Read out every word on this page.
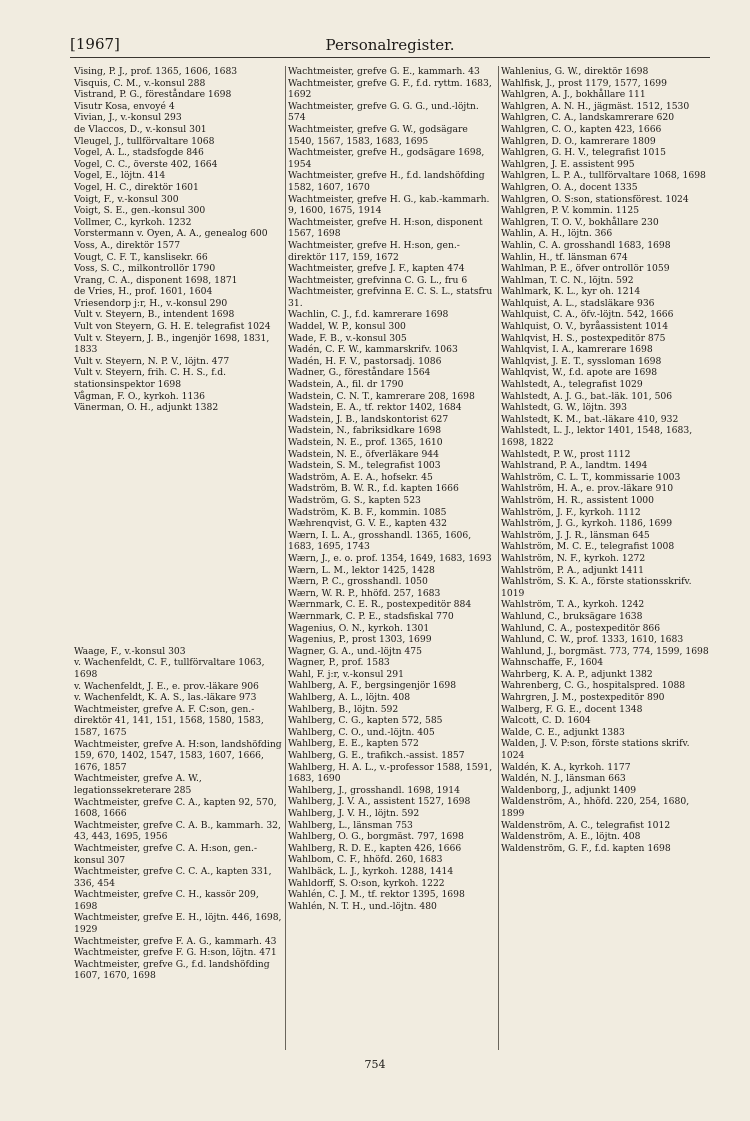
[1967]	Personalregister.

Vising, P. J., prof. 1365, 1606, 1683

Visquis, C. M., v.-konsul 288

Vistrand, P. G., föreståndare 1698

Visutr Kosa, envoyé 4

Vivian, J., v.-konsul 293

de Vlaccos, D., v.-konsul 301

Vleugel, J., tullförvaltare 1068

Vogel, A. L., stadsfogde 846

Vogel, C. C., överste 402, 1664

Vogel, E., löjtn. 414

Vogel, H. C., direktör 1601

Voigt, F., v.-konsul 300

Voigt, S. E., gen.-konsul 300

Vollmer, C., kyrkoh. 1232

Vorstermann v. Oyen, A. A., genealog 600

Voss, A., direktör 1577

Vougt, C. F. T., kanslisekr. 66

Voss, S. C., milkontrollör 1790

Vrang, C. A., disponent 1698, 1871

de Vries, H., prof. 1601, 1604

Vriesendorp j:r, H., v.-konsul 290

Vult v. Steyern, B., intendent 1698

Vult von Steyern, G. H. E. telegrafist 1024

Vult v. Steyern, J. B., ingenjör 1698, 1831, 1833

Vult v. Steyern, N. P. V., löjtn. 477

Vult v. Steyern, frih. C. H. S., f.d. stationsinspektor 1698

Vågman, F. O., kyrkoh. 1136

Vänerman, O. H., adjunkt 1382

Waage, F., v.-konsul 303

v. Wachenfeldt, C. F., tullförvaltare 1063, 1698

v. Wachenfeldt, J. E., e. prov.-läkare 906

v. Wachenfeldt, K. A. S., las.-läkare 973

Wachtmeister, grefve A. F. C:son, gen.-direktör 41, 141, 151, 1568, 1580, 1583, 1587, 1675

Wachtmeister, grefve A. H:son, landshöfding 159, 670, 1402, 1547, 1583, 1607, 1666, 1676, 1857

Wachtmeister, grefve A. W., legationssekreterare 285

Wachtmeister, grefve C. A., kapten 92, 570, 1608, 1666

Wachtmeister, grefve C. A. B., kammarh. 32, 43, 443, 1695, 1956

Wachtmeister, grefve C. A. H:son, gen.-konsul 307

Wachtmeister, grefve C. C. A., kapten 331, 336, 454

Wachtmeister, grefve C. H., kassör 209, 1698

Wachtmeister, grefve E. H., löjtn. 446, 1698, 1929

Wachtmeister, grefve F. A. G., kammarh. 43

Wachtmeister, grefve F. G. H:son, löjtn. 471

Wachtmeister, grefve G., f.d. landshöfding 1607, 1670, 1698

Wachtmeister, grefve G. E., kammarh. 43

Wachtmeister, grefve G. F., f.d. ryttm. 1683, 1692

Wachtmeister, grefve G. G. G., und.-löjtn. 574

Wachtmeister, grefve G. W., godsägare 1540, 1567, 1583, 1683, 1695

Wachtmeister, grefve H., godsägare 1698, 1954

Wachtmeister, grefve H., f.d. landshöfding 1582, 1607, 1670

Wachtmeister, grefve H. G., kab.-kammarh. 9, 1600, 1675, 1914

Wachtmeister, grefve H. H:son, disponent 1567, 1698

Wachtmeister, grefve H. H:son, gen.-direktör 117, 159, 1672

Wachtmeister, grefve J. F., kapten 474

Wachtmeister, grefvinna C. G. L., fru 6

Wachtmeister, grefvinna E. C. S. L., statsfru 31.

Wachlin, C. J., f.d. kamrerare 1698

Waddel, W. P., konsul 300

Wade, F. B., v.-konsul 305

Wadén, C. F. W., kammarskrifv. 1063

Wadén, H. F. V., pastorsadj. 1086

Wadner, G., föreståndare 1564

Wadstein, A., fil. dr 1790

Wadstein, C. N. T., kamrerare 208, 1698

Wadstein, E. A., tf. rektor 1402, 1684

Wadstein, J. B., landskontorist 627

Wadstein, N., fabriksidkare 1698

Wadstein, N. E., prof. 1365, 1610

Wadstein, N. E., öfverläkare 944

Wadstein, S. M., telegrafist 1003

Wadström, A. E. A., hofsekr. 45

Wadström, B. W. R., f.d. kapten 1666

Wadström, G. S., kapten 523

Wadström, K. B. F., kommin. 1085

Wæhrenqvist, G. V. E., kapten 432

Wærn, I. L. A., grosshandl. 1365, 1606, 1683, 1695, 1743

Wærn, J., e. o. prof. 1354, 1649, 1683, 1693

Wærn, L. M., lektor 1425, 1428

Wærn, P. C., grosshandl. 1050

Wærn, W. R. P., hhöfd. 257, 1683

Wærnmark, C. E. R., postexpeditör 884

Wærnmark, C. P. E., stadsfiskal 770

Wagenius, O. N., kyrkoh. 1301

Wagenius, P., prost 1303, 1699

Wagner, G. A., und.-löjtn 475

Wagner, P., prof. 1583

Wahl, F. j:r, v.-konsul 291

Wahlberg, A. F., bergsingenjör 1698

Wahlberg, A. L., löjtn. 408

Wahlberg, B., löjtn. 592

Wahlberg, C. G., kapten 572, 585

Wahlberg, C. O., und.-löjtn. 405

Wahlberg, E. E., kapten 572

Wahlberg, G. E., trafikch.-assist. 1857

Wahlberg, H. A. L., v.-professor 1588, 1591, 1683, 1690

Wahlberg, J., grosshandl. 1698, 1914

Wahlberg, J. V. A., assistent 1527, 1698

Wahlberg, J. V. H., löjtn. 592

Wahlberg, L., länsman 753

Wahlberg, O. G., borgmäst. 797, 1698

Wahlberg, R. D. E., kapten 426, 1666

Wahlbom, C. F., hhöfd. 260, 1683

Wahlbäck, L. J., kyrkoh. 1288, 1414

Wahldorff, S. O:son, kyrkoh. 1222

Wahlén, C. J. M., tf. rektor 1395, 1698

Wahlén, N. T. H., und.-löjtn. 480

Wahlenius, G. W., direktör 1698

Wahlfisk, J., prost 1179, 1577, 1699

Wahlgren, A. J., bokhållare 111

Wahlgren, A. N. H., jägmäst. 1512, 1530

Wahlgren, C. A., landskamrerare 620

Wahlgren, C. O., kapten 423, 1666

Wahlgren, D. O., kamrerare 1809

Wahlgren, G. H. V., telegrafist 1015

Wahlgren, J. E. assistent 995

Wahlgren, L. P. A., tullförvaltare 1068, 1698

Wahlgren, O. A., docent 1335

Wahlgren, O. S:son, stationsförest. 1024

Wahlgren, P. V. kommin. 1125

Wahlgren, T. O. V., bokhållare 230

Wahlin, A. H., löjtn. 366

Wahlin, C. A. grosshandl 1683, 1698

Wahlin, H., tf. länsman 674

Wahlman, P. E., öfver ontrollör 1059

Wahlman, T. C. N., löjtn. 592

Wahlmark, K. L., kyr oh. 1214

Wahlquist, A. L., stadsläkare 936

Wahlquist, C. A., öfv.-löjtn. 542, 1666

Wahlquist, O. V., byråassistent 1014

Wahlqvist, H. S., postexpeditör 875

Wahlqvist, I. A., kamrerare 1698

Wahlqvist, J. E. T., syssloman 1698

Wahlqvist, W., f.d. apote are 1698

Wahlstedt, A., telegrafist 1029

Wahlstedt, A. J. G., bat.-läk. 101, 506

Wahlstedt, G. W., löjtn. 393

Wahlstedt, K. M., bat.-läkare 410, 932

Wahlstedt, L. J., lektor 1401, 1548, 1683, 1698, 1822

Wahlstedt, P. W., prost 1112

Wahlstrand, P. A., landtm. 1494

Wahlström, C. L. T., kommissarie 1003

Wahlström, H. A., e. prov.-läkare 910

Wahlström, H. R., assistent 1000

Wahlström, J. F., kyrkoh. 1112

Wahlström, J. G., kyrkoh. 1186, 1699

Wahlström, J. J. R., länsman 645

Wahlström, M. C. E., telegrafist 1008

Wahlström, N. F., kyrkoh. 1272

Wahlström, P. A., adjunkt 1411

Wahlström, S. K. A., förste stationsskrifv. 1019

Wahlström, T. A., kyrkoh. 1242

Wahlund, C., bruksägare 1638

Wahlund, C. A., postexpeditör 866

Wahlund, C. W., prof. 1333, 1610, 1683

Wahlund, J., borgmäst. 773, 774, 1599, 1698

Wahnschaffe, F., 1604

Wahrberg, K. A. P., adjunkt 1382

Wahrenberg, C. G., hospitalspred. 1088

Wahrgren, J. M., postexpeditör 890

Walberg, F. G. E., docent 1348

Walcott, C. D. 1604

Walde, C. E., adjunkt 1383

Walden, J. V. P:son, förste stations skrifv. 1024

Waldén, K. A., kyrkoh. 1177

Waldén, N. J., länsman 663

Waldenborg, J., adjunkt 1409

Waldenström, A., hhöfd. 220, 254, 1680, 1899

Waldenström, A. C., telegrafist 1012

Waldenström, A. E., löjtn. 408

Waldenström, G. F., f.d. kapten 1698

754
